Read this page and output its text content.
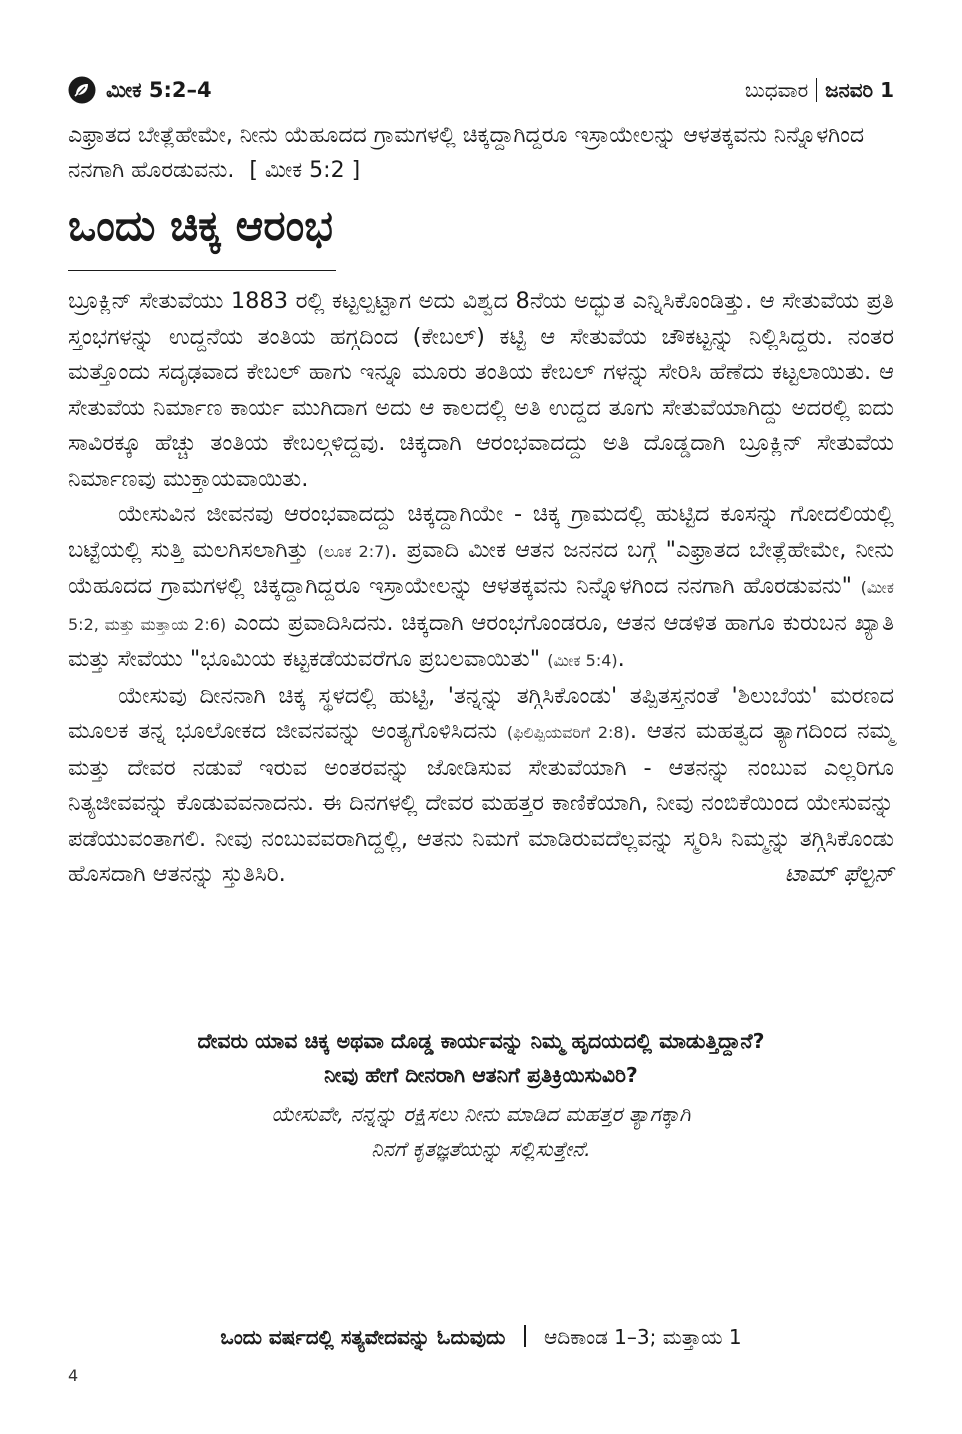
ಮೀಕ 5:2–4	ಬುಧವಾರ ಜನವರಿ 1
ಎಫ್ರಾತದ ಬೇತ್ಲೆಹೇಮೇ, ನೀನು ಯೆಹೂದದ ಗ್ರಾಮಗಳಲ್ಲಿ ಚಿಕ್ಕದ್ದಾಗಿದ್ದರೂ ಇಸ್ರಾಯೇಲನ್ನು ಆಳತಕ್ಕವನು ನಿನ್ನೊಳಗಿಂದ ನನಗಾಗಿ ಹೊರಡುವನು. [ ಮೀಕ 5:2 ]
ಒಂದು ಚಿಕ್ಕ ಆರಂಭ

ಬ್ರೂಕ್ಲಿನ್ ಸೇತುವೆಯು 1883 ರಲ್ಲಿ ಕಟ್ಟಲ್ಪಟ್ಟಾಗ ಅದು ವಿಶ್ವದ 8ನೆಯ ಅದ್ಭುತ ಎನ್ನಿಸಿಕೊಂಡಿತ್ತು. ಆ ಸೇತುವೆಯ ಪ್ರತಿ ಸ್ತಂಭಗಳನ್ನು ಉದ್ದನೆಯ ತಂತಿಯ ಹಗ್ಗದಿಂದ (ಕೇಬಲ್) ಕಟ್ಟಿ ಆ ಸೇತುವೆಯ ಚೌಕಟ್ಟನ್ನು ನಿಲ್ಲಿಸಿದ್ದರು. ನಂತರ ಮತ್ತೊಂದು ಸದೃಢವಾದ ಕೇಬಲ್ ಹಾಗು ಇನ್ನೂ ಮೂರು ತಂತಿಯ ಕೇಬಲ್ ಗಳನ್ನು ಸೇರಿಸಿ ಹೆಣೆದು ಕಟ್ಟಲಾಯಿತು. ಆ ಸೇತುವೆಯ ನಿರ್ಮಾಣ ಕಾರ್ಯ ಮುಗಿದಾಗ ಅದು ಆ ಕಾಲದಲ್ಲಿ ಅತಿ ಉದ್ದದ ತೂಗು ಸೇತುವೆಯಾಗಿದ್ದು ಅದರಲ್ಲಿ ಐದು ಸಾವಿರಕ್ಕೂ ಹೆಚ್ಚು ತಂತಿಯ ಕೇಬಲ್ಗಳಿದ್ದವು. ಚಿಕ್ಕದಾಗಿ ಆರಂಭವಾದದ್ದು ಅತಿ ದೊಡ್ಡದಾಗಿ ಬ್ರೂಕ್ಲಿನ್ ಸೇತುವೆಯ ನಿರ್ಮಾಣವು ಮುಕ್ತಾಯವಾಯಿತು.

ಯೇಸುವಿನ ಜೀವನವು ಆರಂಭವಾದದ್ದು ಚಿಕ್ಕದ್ದಾಗಿಯೇ - ಚಿಕ್ಕ ಗ್ರಾಮದಲ್ಲಿ ಹುಟ್ಟಿದ ಕೂಸನ್ನು ಗೋದಲಿಯಲ್ಲಿ ಬಟ್ಟೆಯಲ್ಲಿ ಸುತ್ತಿ ಮಲಗಿಸಲಾಗಿತ್ತು (ಲೂಕ 2:7). ಪ್ರವಾದಿ ಮೀಕ ಆತನ ಜನನದ ಬಗ್ಗೆ "ಎಫ್ರಾತದ ಬೇತ್ಲೆಹೇಮೇ, ನೀನು ಯೆಹೂದದ ಗ್ರಾಮಗಳಲ್ಲಿ ಚಿಕ್ಕದ್ದಾಗಿದ್ದರೂ ಇಸ್ರಾಯೇಲನ್ನು ಆಳತಕ್ಕವನು ನಿನ್ನೊಳಗಿಂದ ನನಗಾಗಿ ಹೊರಡುವನು" (ಮೀಕ 5:2, ಮತ್ತು ಮತ್ತಾಯ 2:6) ಎಂದು ಪ್ರವಾದಿಸಿದನು. ಚಿಕ್ಕದಾಗಿ ಆರಂಭಗೊಂಡರೂ, ಆತನ ಆಡಳಿತ ಹಾಗೂ ಕುರುಬನ ಖ್ಯಾತಿ ಮತ್ತು ಸೇವೆಯು "ಭೂಮಿಯ ಕಟ್ಟಕಡೆಯವರೆಗೂ ಪ್ರಬಲವಾಯಿತು" (ಮೀಕ 5:4).

ಯೇಸುವು ದೀನನಾಗಿ ಚಿಕ್ಕ ಸ್ಥಳದಲ್ಲಿ ಹುಟ್ಟಿ, 'ತನ್ನನ್ನು ತಗ್ಗಿಸಿಕೊಂಡು' ತಪ್ಪಿತಸ್ತನಂತೆ 'ಶಿಲುಬೆಯ' ಮರಣದ ಮೂಲಕ ತನ್ನ ಭೂಲೋಕದ ಜೀವನವನ್ನು ಅಂತ್ಯಗೊಳಿಸಿದನು (ಫಿಲಿಪ್ಪಿಯವರಿಗೆ 2:8). ಆತನ ಮಹತ್ವದ ತ್ಯಾಗದಿಂದ ನಮ್ಮ ಮತ್ತು ದೇವರ ನಡುವೆ ಇರುವ ಅಂತರವನ್ನು ಜೋಡಿಸುವ ಸೇತುವೆಯಾಗಿ - ಆತನನ್ನು ನಂಬುವ ಎಲ್ಲರಿಗೂ ನಿತ್ಯಜೀವವನ್ನು ಕೊಡುವವನಾದನು. ಈ ದಿನಗಳಲ್ಲಿ ದೇವರ ಮಹತ್ತರ ಕಾಣಿಕೆಯಾಗಿ, ನೀವು ನಂಬಿಕೆಯಿಂದ ಯೇಸುವನ್ನು ಪಡೆಯುವಂತಾಗಲಿ. ನೀವು ನಂಬುವವರಾಗಿದ್ದಲ್ಲಿ, ಆತನು ನಿಮಗೆ ಮಾಡಿರುವದೆಲ್ಲವನ್ನು ಸ್ಮರಿಸಿ ನಿಮ್ಮನ್ನು ತಗ್ಗಿಸಿಕೊಂಡು ಹೊಸದಾಗಿ ಆತನನ್ನು ಸ್ತುತಿಸಿರಿ.	ಟಾಮ್ ಫೆಲ್ಟನ್

ದೇವರು ಯಾವ ಚಿಕ್ಕ ಅಥವಾ ದೊಡ್ಡ ಕಾರ್ಯವನ್ನು ನಿಮ್ಮ ಹೃದಯದಲ್ಲಿ ಮಾಡುತ್ತಿದ್ದಾನೆ?
ನೀವು ಹೇಗೆ ದೀನರಾಗಿ ಆತನಿಗೆ ಪ್ರತಿಕ್ರಿಯಿಸುವಿರಿ?
ಯೇಸುವೇ, ನನ್ನನ್ನು ರಕ್ಷಿಸಲು ನೀನು ಮಾಡಿದ ಮಹತ್ತರ ತ್ಯಾಗಕ್ಕಾಗಿ
ನಿನಗೆ ಕೃತಜ್ಞತೆಯನ್ನು ಸಲ್ಲಿಸುತ್ತೇನೆ.
ಒಂದು ವರ್ಷದಲ್ಲಿ ಸತ್ಯವೇದವನ್ನು ಓದುವುದು ಆದಿಕಾಂಡ 1–3; ಮತ್ತಾಯ 1
4
